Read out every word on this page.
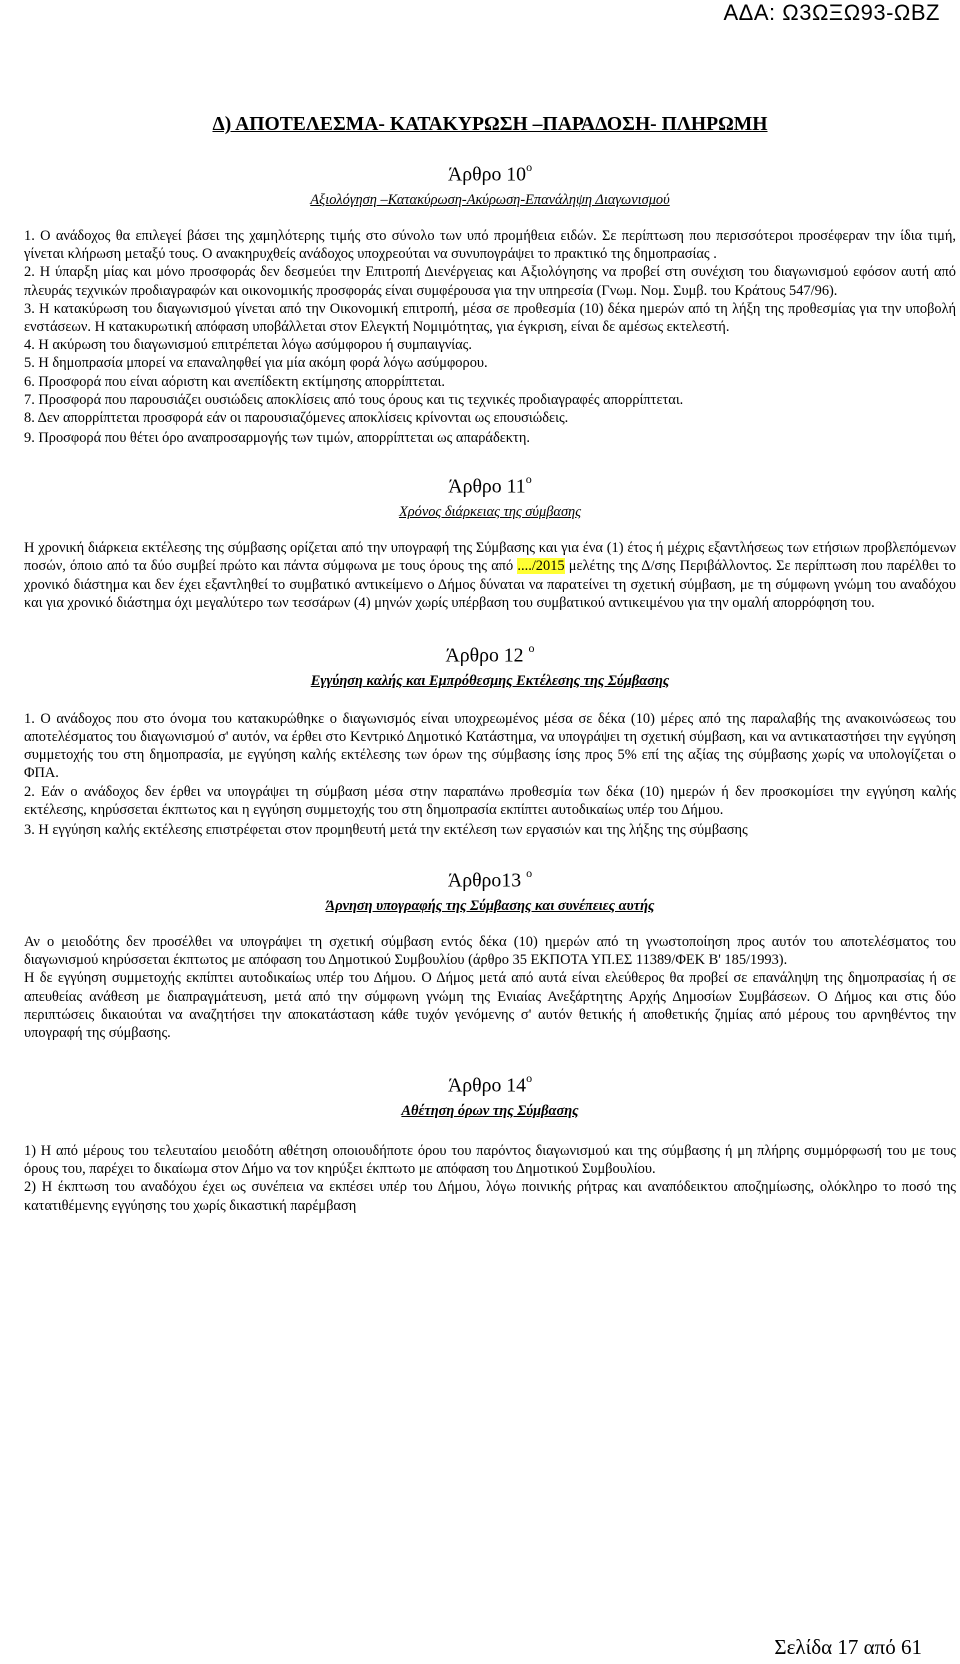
ΑΔΑ: Ω3ΩΞΩ93-ΩΒΖ
Δ) ΑΠΟΤΕΛΕΣΜΑ- ΚΑΤΑΚΥΡΩΣΗ –ΠΑΡΑΔΟΣΗ- ΠΛΗΡΩΜΗ
Άρθρο $10^o$
Αξιολόγηση –Κατακύρωση-Ακύρωση-Επανάληψη Διαγωνισμού

1. Ο ανάδοχος θα επιλεγεί βάσει της χαμηλότερης τιμής στο σύνολο των υπό προμήθεια ειδών. Σε περίπτωση που περισσότεροι προσέφεραν την ίδια τιμή, γίνεται κλήρωση μεταξύ τους. Ο ανακηρυχθείς ανάδοχος υποχρεούται να συνυπογράψει το πρακτικό της δημοπρασίας .

2. Η ύπαρξη μίας και μόνο προσφοράς δεν δεσμεύει την Επιτροπή Διενέργειας και Αξιολόγησης να προβεί στη συνέχιση του διαγωνισμού εφόσον αυτή από πλευράς τεχνικών προδιαγραφών και οικονομικής προσφοράς είναι συμφέρουσα για την υπηρεσία (Γνωμ. Νομ. Συμβ. του Κράτους 547/96).

3. Η κατακύρωση του διαγωνισμού γίνεται από την Οικονομική επιτροπή, μέσα σε προθεσμία (10) δέκα ημερών από τη λήξη της προθεσμίας για την υποβολή ενστάσεων. Η κατακυρωτική απόφαση υποβάλλεται στον Ελεγκτή Νομιμότητας, για έγκριση, είναι δε αμέσως εκτελεστή.

4. Η ακύρωση του διαγωνισμού επιτρέπεται λόγω ασύμφορου ή συμπαιγνίας.

5. Η δημοπρασία μπορεί να επαναληφθεί για μία ακόμη φορά λόγω ασύμφορου.

6. Προσφορά που είναι αόριστη και ανεπίδεκτη εκτίμησης απορρίπτεται.

7. Προσφορά που παρουσιάζει ουσιώδεις αποκλίσεις από τους όρους και τις τεχνικές προδιαγραφές απορρίπτεται.

8. Δεν απορρίπτεται προσφορά εάν οι παρουσιαζόμενες αποκλίσεις κρίνονται ως επουσιώδεις.

9. Προσφορά που θέτει όρο αναπροσαρμογής των τιμών, απορρίπτεται ως απαράδεκτη.

Άρθρο $11^o$
Χρόνος διάρκειας της σύμβασης

Η χρονική διάρκεια εκτέλεσης της σύμβασης ορίζεται από την υπογραφή της Σύμβασης και για ένα (1) έτος ή μέχρις εξαντλήσεως των ετήσιων προβλεπόμενων ποσών, όποιο από τα δύο συμβεί πρώτο και πάντα σύμφωνα με τους όρους της από ..../2015 μελέτης της Δ/σης Περιβάλλοντος. Σε περίπτωση που παρέλθει το χρονικό διάστημα και δεν έχει εξαντληθεί το συμβατικό αντικείμενο ο Δήμος δύναται να παρατείνει τη σχετική σύμβαση, με τη σύμφωνη γνώμη του αναδόχου και για χρονικό διάστημα όχι μεγαλύτερο των τεσσάρων (4) μηνών χωρίς υπέρβαση του συμβατικού αντικειμένου για την ομαλή απορρόφηση του.

Άρθρο 12 $^o$
Εγγύηση καλής και Εμπρόθεσμης Εκτέλεσης της Σύμβασης

1. Ο ανάδοχος που στο όνομα του κατακυρώθηκε ο διαγωνισμός είναι υποχρεωμένος μέσα σε δέκα (10) μέρες από της παραλαβής της ανακοινώσεως του αποτελέσματος του διαγωνισμού σ' αυτόν, να έρθει στο Κεντρικό Δημοτικό Κατάστημα, να υπογράψει τη σχετική σύμβαση, και να αντικαταστήσει την εγγύηση συμμετοχής του στη δημοπρασία, με εγγύηση καλής εκτέλεσης των όρων της σύμβασης ίσης προς 5% επί της αξίας της σύμβασης χωρίς να υπολογίζεται ο ΦΠΑ.

2. Εάν ο ανάδοχος δεν έρθει να υπογράψει τη σύμβαση μέσα στην παραπάνω προθεσμία των δέκα (10) ημερών ή δεν προσκομίσει την εγγύηση καλής εκτέλεσης, κηρύσσεται έκπτωτος και η εγγύηση συμμετοχής του στη δημοπρασία εκπίπτει αυτοδικαίως υπέρ του Δήμου.

3. Η εγγύηση καλής εκτέλεσης επιστρέφεται στον προμηθευτή μετά την εκτέλεση των εργασιών και της λήξης της σύμβασης

Άρθρο13 $^o$
Άρνηση υπογραφής της Σύμβασης και συνέπειες αυτής

Αν ο μειοδότης δεν προσέλθει να υπογράψει τη σχετική σύμβαση εντός δέκα (10) ημερών από τη γνωστοποίηση προς αυτόν του αποτελέσματος του διαγωνισμού κηρύσσεται έκπτωτος με απόφαση του Δημοτικού Συμβουλίου (άρθρο 35 ΕΚΠΟΤΑ ΥΠ.ΕΣ 11389/ΦΕΚ Β' 185/1993).

Η δε εγγύηση συμμετοχής εκπίπτει αυτοδικαίως υπέρ του Δήμου. Ο Δήμος μετά από αυτά είναι ελεύθερος θα προβεί σε επανάληψη της δημοπρασίας ή σε απευθείας ανάθεση με διαπραγμάτευση, μετά από την σύμφωνη γνώμη της Ενιαίας Ανεξάρτητης Αρχής Δημοσίων Συμβάσεων. Ο Δήμος και στις δύο περιπτώσεις δικαιούται να αναζητήσει την αποκατάσταση κάθε τυχόν γενόμενης σ' αυτόν θετικής ή αποθετικής ζημίας από μέρους του αρνηθέντος την υπογραφή της σύμβασης.

Άρθρο $14^o$
Αθέτηση όρων της Σύμβασης

1) Η από μέρους του τελευταίου μειοδότη αθέτηση οποιουδήποτε όρου του παρόντος διαγωνισμού και της σύμβασης ή μη πλήρης συμμόρφωσή του με τους όρους του, παρέχει το δικαίωμα στον Δήμο να τον κηρύξει έκπτωτο με απόφαση του Δημοτικού Συμβουλίου.

2) Η έκπτωση του αναδόχου έχει ως συνέπεια να εκπέσει υπέρ του Δήμου, λόγω ποινικής ρήτρας και αναπόδεικτου αποζημίωσης, ολόκληρο το ποσό της κατατιθέμενης εγγύησης του χωρίς δικαστική παρέμβαση

Σελίδα 17 από 61
